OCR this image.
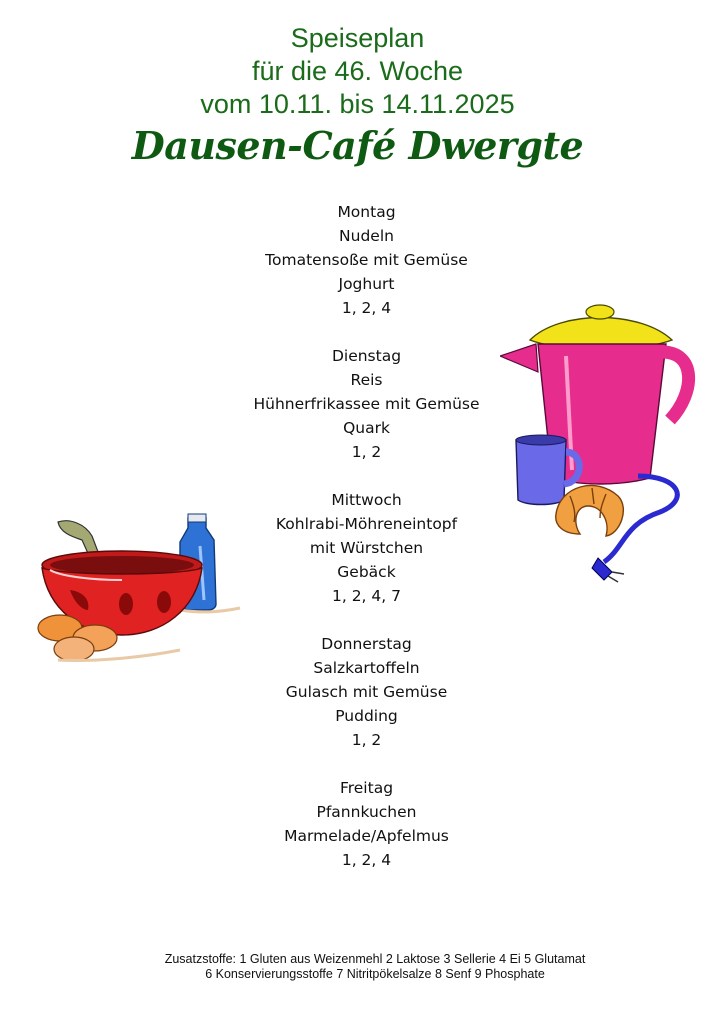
Speiseplan
für die 46. Woche
vom 10.11. bis 14.11.2025
Dausen-Café Dwergte
Montag
Nudeln
Tomatensoße mit Gemüse
Joghurt
1, 2, 4
Dienstag
Reis
Hühnerfrikassee mit Gemüse
Quark
1, 2
Mittwoch
Kohlrabi-Möhreneintopf
mit Würstchen
Gebäck
1, 2, 4, 7
Donnerstag
Salzkartoffeln
Gulasch mit Gemüse
Pudding
1, 2
Freitag
Pfannkuchen
Marmelade/Apfelmus
1, 2, 4
Zusatzstoffe: 1 Gluten aus Weizenmehl 2 Laktose 3 Sellerie 4 Ei 5 Glutamat
6 Konservierungsstoffe 7 Nitritpökelsalze 8 Senf 9 Phosphate
